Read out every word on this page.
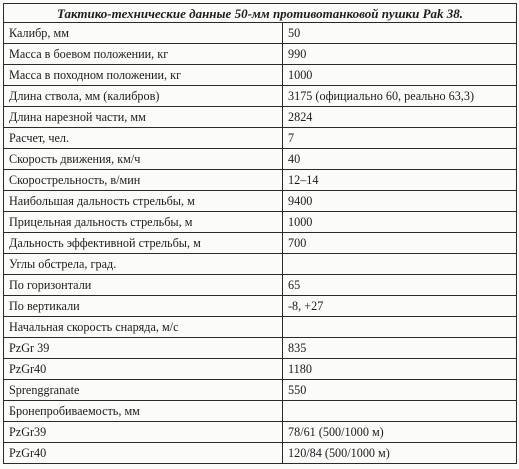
Тактико-технические данные 50-мм противотанковой пушки Pak 38.	
Калибр, мм	50
Масса в боевом положении, кг	990
Масса в походном положении, кг	1000
Длина ствола, мм (калибров)	3175 (официально 60, реально 63,3)
Длина нарезной части, мм	2824
Расчет, чел.	7
Скорость движения, км/ч	40
Скорострельность, в/мин	12–14
Наибольшая дальность стрельбы, м	9400
Прицельная дальность стрельбы, м	1000
Дальность эффективной стрельбы, м	700
Углы обстрела, град.	
По горизонтали	65
По вертикали	-8, +27
Начальная скорость снаряда, м/с	
PzGr 39	835
PzGr40	1180
Sprenggranate	550
Бронепробиваемость, мм	
PzGr39	78/61 (500/1000 м)
PzGr40	120/84 (500/1000 м)
